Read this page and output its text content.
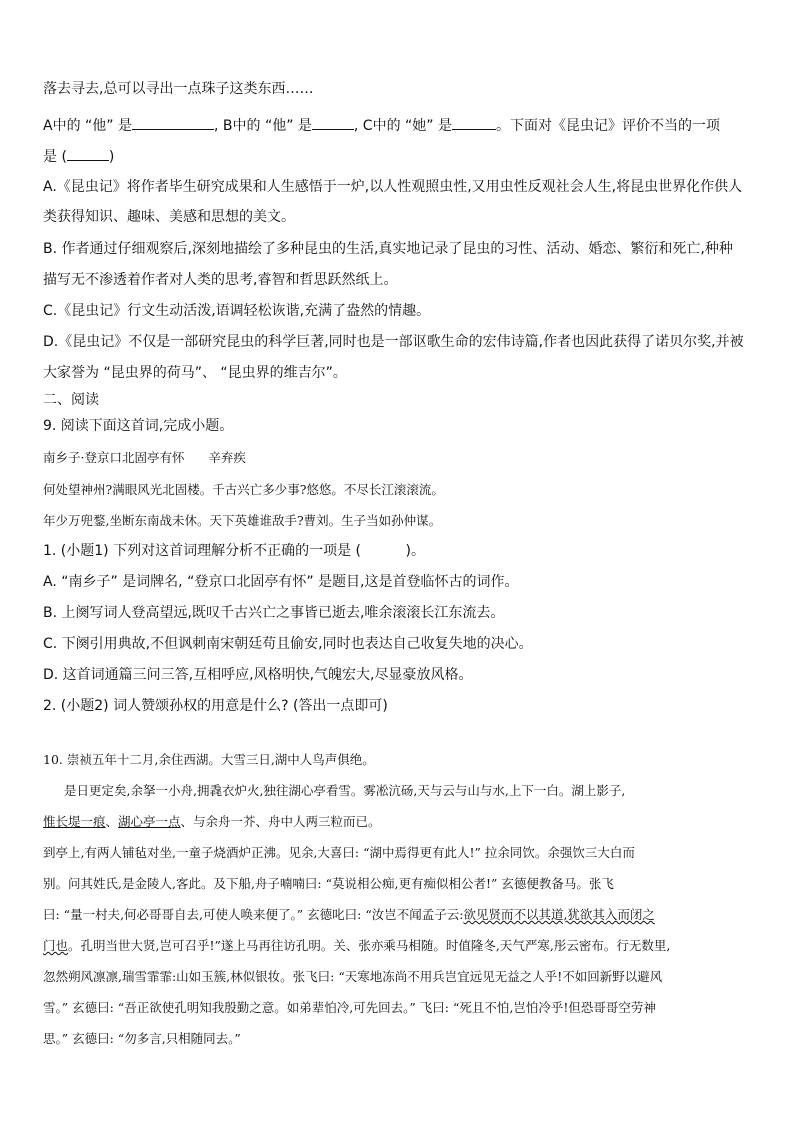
落去寻去,总可以寻出一点珠子这类东西……
A中的 “他” 是	, B中的 “他” 是	, C中的 “她” 是	。下面对《昆虫记》评价不当的一项
是 (	)
A.《昆虫记》将作者毕生研究成果和人生感悟于一炉,以人性观照虫性,又用虫性反观社会人生,将昆虫世界化作供人
类获得知识、趣味、美感和思想的美文。
B. 作者通过仔细观察后,深刻地描绘了多种昆虫的生活,真实地记录了昆虫的习性、活动、婚恋、繁衍和死亡,种种
描写无不渗透着作者对人类的思考,睿智和哲思跃然纸上。
C.《昆虫记》行文生动活泼,语调轻松诙谐,充满了盎然的情趣。
D.《昆虫记》不仅是一部研究昆虫的科学巨著,同时也是一部讴歌生命的宏伟诗篇,作者也因此获得了诺贝尔奖,并被
大家誉为 “昆虫界的荷马”、 “昆虫界的维吉尔”。
二、阅读
9. 阅读下面这首词,完成小题。
南乡子·登京口北固亭有怀      辛弃疾
何处望神州?满眼风光北固楼。千古兴亡多少事?悠悠。不尽长江滚滚流。
年少万兜鍪,坐断东南战未休。天下英雄谁敌手?曹刘。生子当如孙仲谋。
1. (小题1) 下列对这首词理解分析不正确的一项是 (          )。
A. “南乡子” 是词牌名, “登京口北固亭有怀” 是题目,这是首登临怀古的词作。
B. 上阕写词人登高望远,既叹千古兴亡之事皆已逝去,唯余滚滚长江东流去。
C. 下阕引用典故,不但讽刺南宋朝廷苟且偷安,同时也表达自己收复失地的决心。
D. 这首词通篇三问三答,互相呼应,风格明快,气魄宏大,尽显豪放风格。
2. (小题2) 词人赞颂孙权的用意是什么? (答出一点即可)
10. 崇祯五年十二月,余住西湖。大雪三日,湖中人鸟声俱绝。
是日更定矣,余拏一小舟,拥毳衣炉火,独往湖心亭看雪。雾凇沆砀,天与云与山与水,上下一白。湖上影子,
惟长堤一痕、湖心亭一点、与余舟一芥、舟中人两三粒而已。
到亭上,有两人铺毡对坐,一童子烧酒炉正沸。见余,大喜曰: “湖中焉得更有此人!” 拉余同饮。余强饮三大白而
别。问其姓氏,是金陵人,客此。及下船,舟子喃喃曰: “莫说相公痴,更有痴似相公者!” 玄德便教备马。张飞
曰: “量一村夫,何必哥哥自去,可使人唤来便了。” 玄德叱曰: “汝岂不闻孟子云:欲见贤而不以其道,犹欲其入而闭之
门也。孔明当世大贤,岂可召乎!”遂上马再往访孔明。关、张亦乘马相随。时值隆冬,天气严寒,彤云密布。行无数里,
忽然朔风凛凛,瑞雪霏霏:山如玉簇,林似银妆。张飞曰: “天寒地冻尚不用兵岂宜远见无益之人乎!不如回新野以避风
雪。” 玄德曰: “吾正欲使孔明知我殷勤之意。如弟辈怕冷,可先回去。” 飞曰: “死且不怕,岂怕冷乎!但恐哥哥空劳神
思。” 玄德曰: “勿多言,只相随同去。”
